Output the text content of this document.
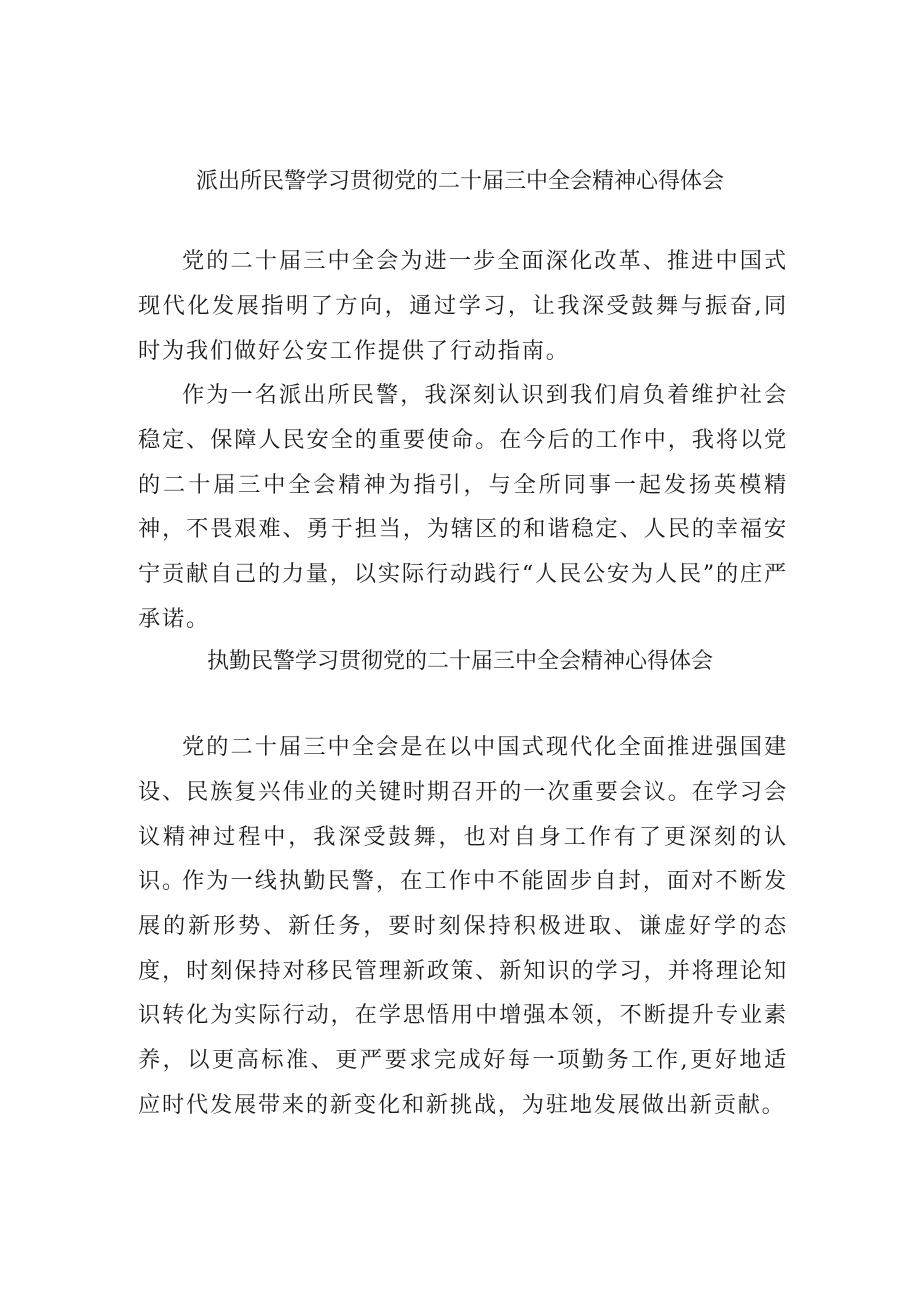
派出所民警学习贯彻党的二十届三中全会精神心得体会

党的二十届三中全会为进一步全面深化改革、推进中国式现代化发展指明了方向，通过学习，让我深受鼓舞与振奋,同时为我们做好公安工作提供了行动指南。

作为一名派出所民警，我深刻认识到我们肩负着维护社会稳定、保障人民安全的重要使命。在今后的工作中，我将以党的二十届三中全会精神为指引，与全所同事一起发扬英模精神，不畏艰难、勇于担当，为辖区的和谐稳定、人民的幸福安宁贡献自己的力量，以实际行动践行“人民公安为人民”的庄严承诺。

执勤民警学习贯彻党的二十届三中全会精神心得体会

党的二十届三中全会是在以中国式现代化全面推进强国建设、民族复兴伟业的关键时期召开的一次重要会议。在学习会议精神过程中，我深受鼓舞，也对自身工作有了更深刻的认识。

作为一线执勤民警，在工作中不能固步自封，面对不断发展的新形势、新任务，要时刻保持积极进取、谦虚好学的态度，时刻保持对移民管理新政策、新知识的学习，并将理论知识转化为实际行动，在学思悟用中增强本领，不断提升专业素养，以更高标准、更严要求完成好每一项勤务工作,更好地适应时代发展带来的新变化和新挑战，为驻地发展做出新贡献。
